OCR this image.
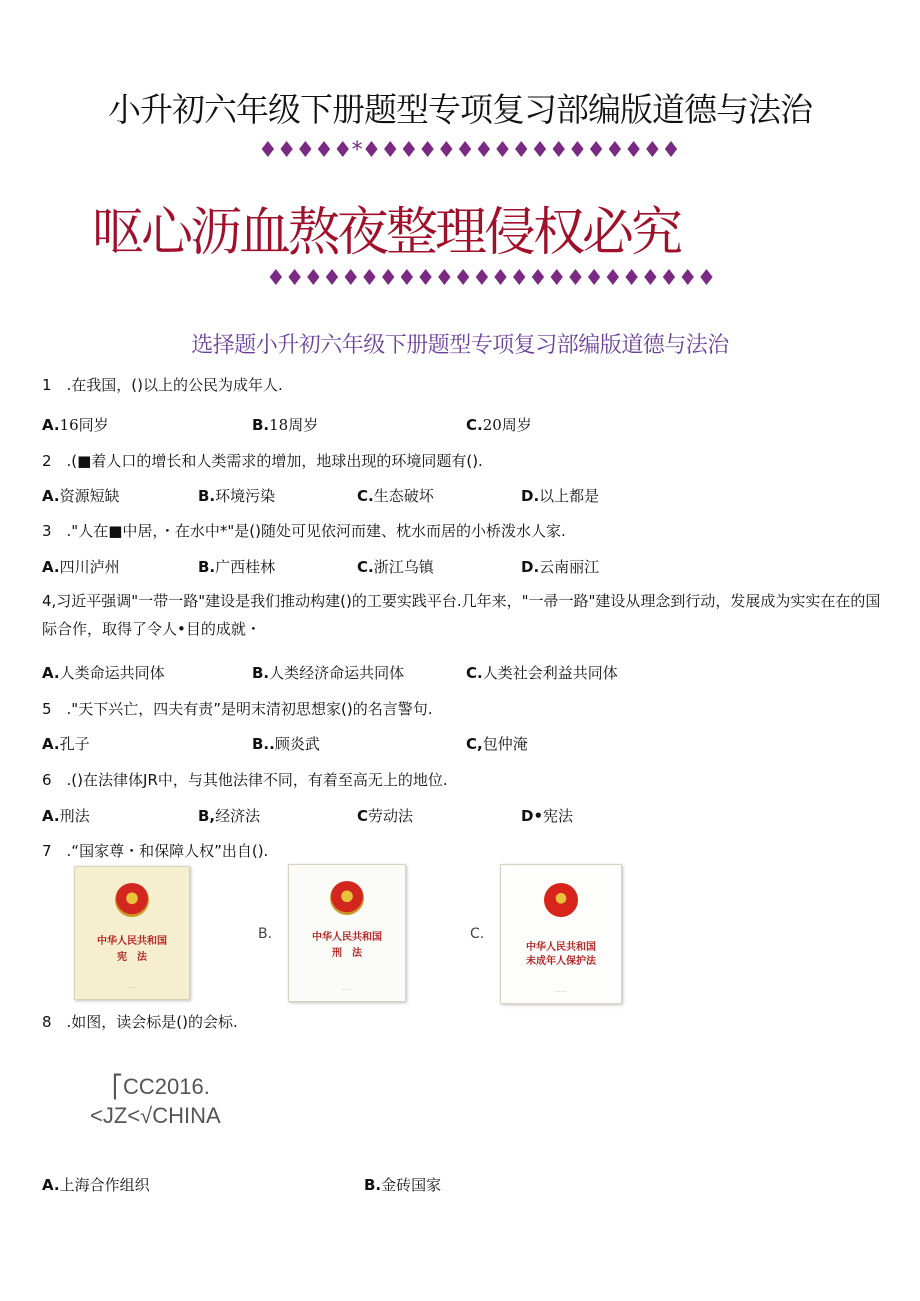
小升初六年级下册题型专项复习部编版道德与法治
♦♦♦♦♦*♦♦♦♦♦♦♦♦♦♦♦♦♦♦♦♦♦
呕心沥血熬夜整理侵权必究
♦♦♦♦♦♦♦♦♦♦♦♦♦♦♦♦♦♦♦♦♦♦♦♦
选择题小升初六年级下册题型专项复习部编版道德与法治
1　.在我国，()以上的公民为成年人.
A.16同岁	B.18周岁	C.20周岁
2　.(■着人口的增长和人类需求的增加，地球出现的环境同题有().
A.资源短缺	B.环境污染	C.生态破坏	D.以上都是
3　."人在■中居，・在水中*"是()随处可见依河而建、枕水而居的小桥泼水人家.
A.四川泸州	B.广西桂林	C.浙江乌镇	D.云南丽江
4,习近平强调"一带一路"建设是我们推动构建()的工要实践平台.几年来，"一帚一路"建设从理念到行动，发展成为实实在在的国际合作，取得了令人•目的成就・
A.人类命运共同体	B.人类经济命运共同体	C.人类社会利益共同体
5　."天下兴亡，四夫有责”是明末清初思想家()的名言警句.
A.孔子	B..顾炎武	C,包仲淹
6　.()在法律体JR中，与其他法律不同，有着至高无上的地位.
A.刑法	B,经济法	C劳动法	D•宪法
7　.“国家尊・和保障人权”出自().
中华人民共和国
宪　法
·······
B.	中华人民共和国
刑　法
·······
C.
中华人民共和国
未成年人保护法
·······
8　.如图，读会标是()的会标.
⎡CC2016.
<JZ<√CHINA
A.上海合作组织	B.金砖国家
